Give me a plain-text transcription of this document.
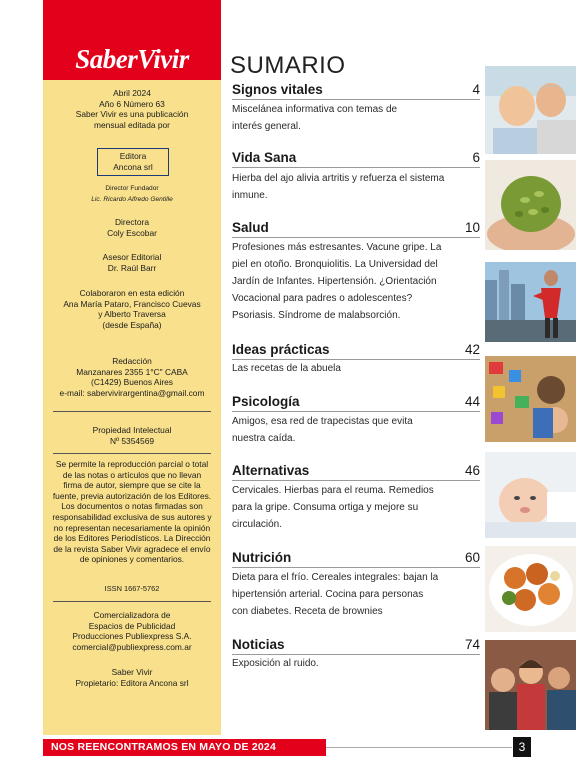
SaberVivir
Abril 2024
Año 6 Número 63
Saber Vivir es una publicación
mensual editada por
Editora
Ancona srl
Director Fundador
Lic. Ricardo Alfredo Gentille
Directora
Coly Escobar
Asesor Editorial
Dr. Raúl Barr
Colaboraron en esta edición
Ana María Pataro, Francisco Cuevas
y Alberto Traversa
(desde España)
Redacción
Manzanares 2355 1°C" CABA
(C1429) Buenos Aires
e-mail: sabervivirargentina@gmail.com
Propiedad Intelectual
Nº 5354569
Se permite la reproducción parcial o total
de las notas o artículos que no llevan
firma de autor, siempre que se cite la
fuente, previa autorización de los Editores.
Los documentos o notas firmadas son
responsabilidad exclusiva de sus autores y
no representan necesariamente la opinión
de los Editores Periodísticos. La Dirección
de la revista Saber Vivir agradece el envío
de opiniones y comentarios.
ISSN 1667-5762
Comercializadora de
Espacios de Publicidad
Producciones Publiexpress S.A.
comercial@publiexpress.com.ar
Saber Vivir
Propietario: Editora Ancona srl
SUMARIO
Signos vitales	4
Miscelánea informativa con temas de
interés general.
Vida Sana	6
Hierba del ajo alivia artritis y refuerza el sistema
inmune.
Salud	10
Profesiones más estresantes. Vacune gripe. La
piel en otoño. Bronquiolitis. La Universidad del
Jardín de Infantes. Hipertensión. ¿Orientación
Vocacional para padres o adolescentes?
Psoriasis. Síndrome de malabsorción.
Ideas prácticas	42
Las recetas de la abuela
Psicología	44
Amigos, esa red de trapecistas que evita
nuestra caída.
Alternativas	46
Cervicales. Hierbas para el reuma. Remedios
para la gripe. Consuma ortiga y mejore su
circulación.
Nutrición	60
Dieta para el frío. Cereales integrales: bajan la
hipertensión arterial. Cocina para personas
con diabetes. Receta de brownies
Noticias	74
Exposición al ruido.
NOS REENCONTRAMOS EN MAYO DE 2024	3
